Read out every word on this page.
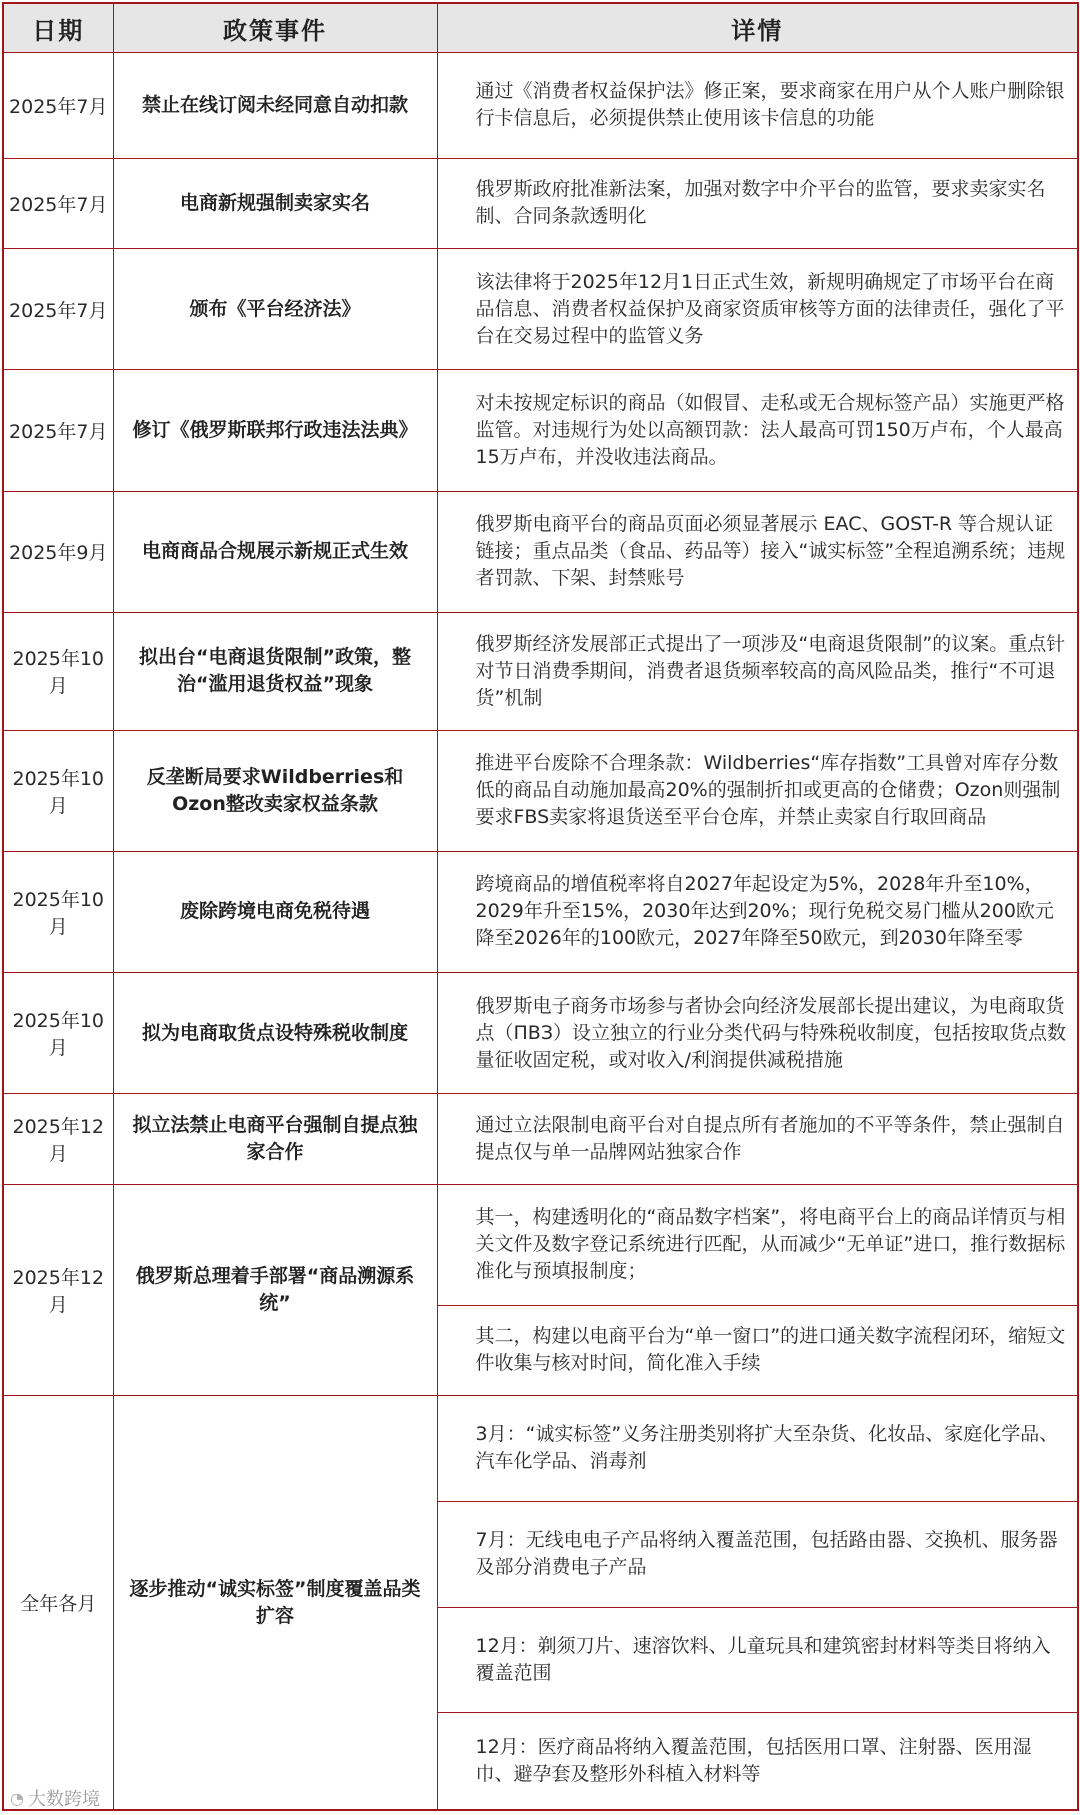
日期	政策事件	详情
2025年7月	禁止在线订阅未经同意自动扣款	通过《消费者权益保护法》修正案，要求商家在用户从个人账户删除银行卡信息后，必须提供禁止使用该卡信息的功能
2025年7月	电商新规强制卖家实名	俄罗斯政府批准新法案，加强对数字中介平台的监管，要求卖家实名制、合同条款透明化
2025年7月	颁布《平台经济法》	该法律将于2025年12月1日正式生效，新规明确规定了市场平台在商品信息、消费者权益保护及商家资质审核等方面的法律责任，强化了平台在交易过程中的监管义务
2025年7月	修订《俄罗斯联邦行政违法法典》	对未按规定标识的商品（如假冒、走私或无合规标签产品）实施更严格监管。对违规行为处以高额罚款：法人最高可罚150万卢布，个人最高15万卢布，并没收违法商品。
2025年9月	电商商品合规展示新规正式生效	俄罗斯电商平台的商品页面必须显著展示 EAC、GOST-R 等合规认证链接；重点品类（食品、药品等）接入“诚实标签”全程追溯系统；违规者罚款、下架、封禁账号
2025年10月	拟出台“电商退货限制”政策，整治“滥用退货权益”现象	俄罗斯经济发展部正式提出了一项涉及“电商退货限制”的议案。重点针对节日消费季期间，消费者退货频率较高的高风险品类，推行“不可退货”机制
2025年10月	反垄断局要求Wildberries和Ozon整改卖家权益条款	推进平台废除不合理条款：Wildberries“库存指数”工具曾对库存分数低的商品自动施加最高20%的强制折扣或更高的仓储费；Ozon则强制要求FBS卖家将退货送至平台仓库，并禁止卖家自行取回商品
2025年10月	废除跨境电商免税待遇	跨境商品的增值税率将自2027年起设定为5%，2028年升至10%，2029年升至15%，2030年达到20%；现行免税交易门槛从200欧元降至2026年的100欧元，2027年降至50欧元，到2030年降至零
2025年10月	拟为电商取货点设特殊税收制度	俄罗斯电子商务市场参与者协会向经济发展部长提出建议，为电商取货点（ПВЗ）设立独立的行业分类代码与特殊税收制度，包括按取货点数量征收固定税，或对收入/利润提供减税措施
2025年12月	拟立法禁止电商平台强制自提点独家合作	通过立法限制电商平台对自提点所有者施加的不平等条件，禁止强制自提点仅与单一品牌网站独家合作
2025年12月	俄罗斯总理着手部署“商品溯源系统”	其一，构建透明化的“商品数字档案”，将电商平台上的商品详情页与相关文件及数字登记系统进行匹配，从而减少“无单证”进口，推行数据标准化与预填报制度；
		其二，构建以电商平台为“单一窗口”的进口通关数字流程闭环，缩短文件收集与核对时间，简化准入手续
全年各月	逐步推动“诚实标签”制度覆盖品类扩容	3月：“诚实标签”义务注册类别将扩大至杂货、化妆品、家庭化学品、汽车化学品、消毒剂
		7月：无线电电子产品将纳入覆盖范围，包括路由器、交换机、服务器及部分消费电子产品
		12月：剃须刀片、速溶饮料、儿童玩具和建筑密封材料等类目将纳入覆盖范围
		12月：医疗商品将纳入覆盖范围，包括医用口罩、注射器、医用湿巾、避孕套及整形外科植入材料等
◔ 大数跨境
